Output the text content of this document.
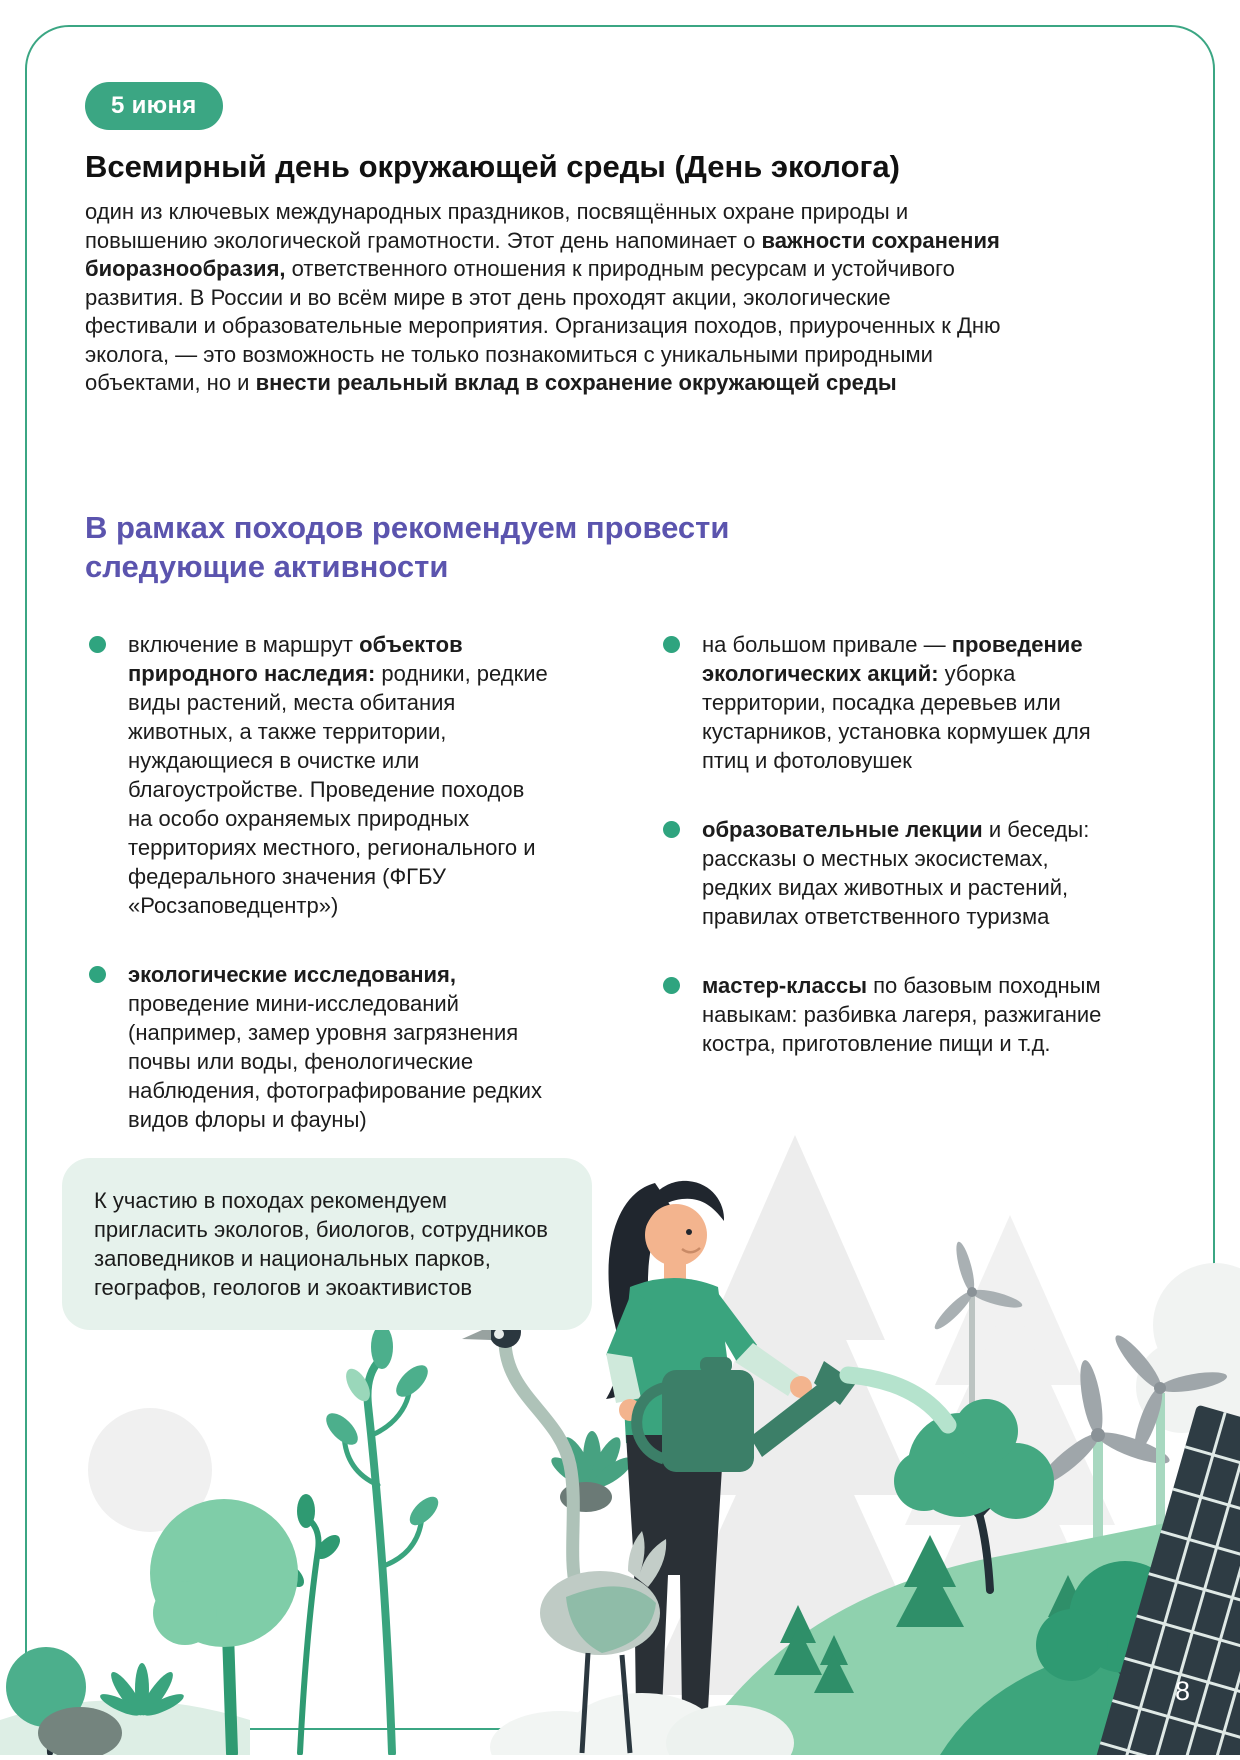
5 июня
Всемирный день окружающей среды (День эколога)

один из ключевых международных праздников, посвящённых охране природы и повышению экологической грамотности. Этот день напоминает о важности сохранения биоразнообразия, ответственного отношения к природным ресурсам и устойчивого развития. В России и во всём мире в этот день проходят акции, экологические фестивали и образовательные мероприятия. Организация походов, приуроченных к Дню эколога, — это возможность не только познакомиться с уникальными природными объектами, но и внести реальный вклад в сохранение окружающей среды

В рамках походов рекомендуем провести следующие активности

включение в маршрут объектов природного наследия: родники, редкие виды растений, места обитания животных, а также территории, нуждающиеся в очистке или благоустройстве. Проведение походов на особо охраняемых природных территориях местного, регионального и федерального значения (ФГБУ «Росзаповедцентр»)

экологические исследования, проведение мини-исследований (например, замер уровня загрязнения почвы или воды, фенологические наблюдения, фотографирование редких видов флоры и фауны)

на большом привале — проведение экологических акций: уборка территории, посадка деревьев или кустарников, установка кормушек для птиц и фотоловушек

образовательные лекции и беседы: рассказы о местных экосистемах, редких видах животных и растений, правилах ответственного туризма

мастер-классы по базовым походным навыкам: разбивка лагеря, разжигание костра, приготовление пищи и т.д.

К участию в походах рекомендуем пригласить экологов, биологов, сотрудников заповедников и национальных парков, географов, геологов и экоактивистов

8
